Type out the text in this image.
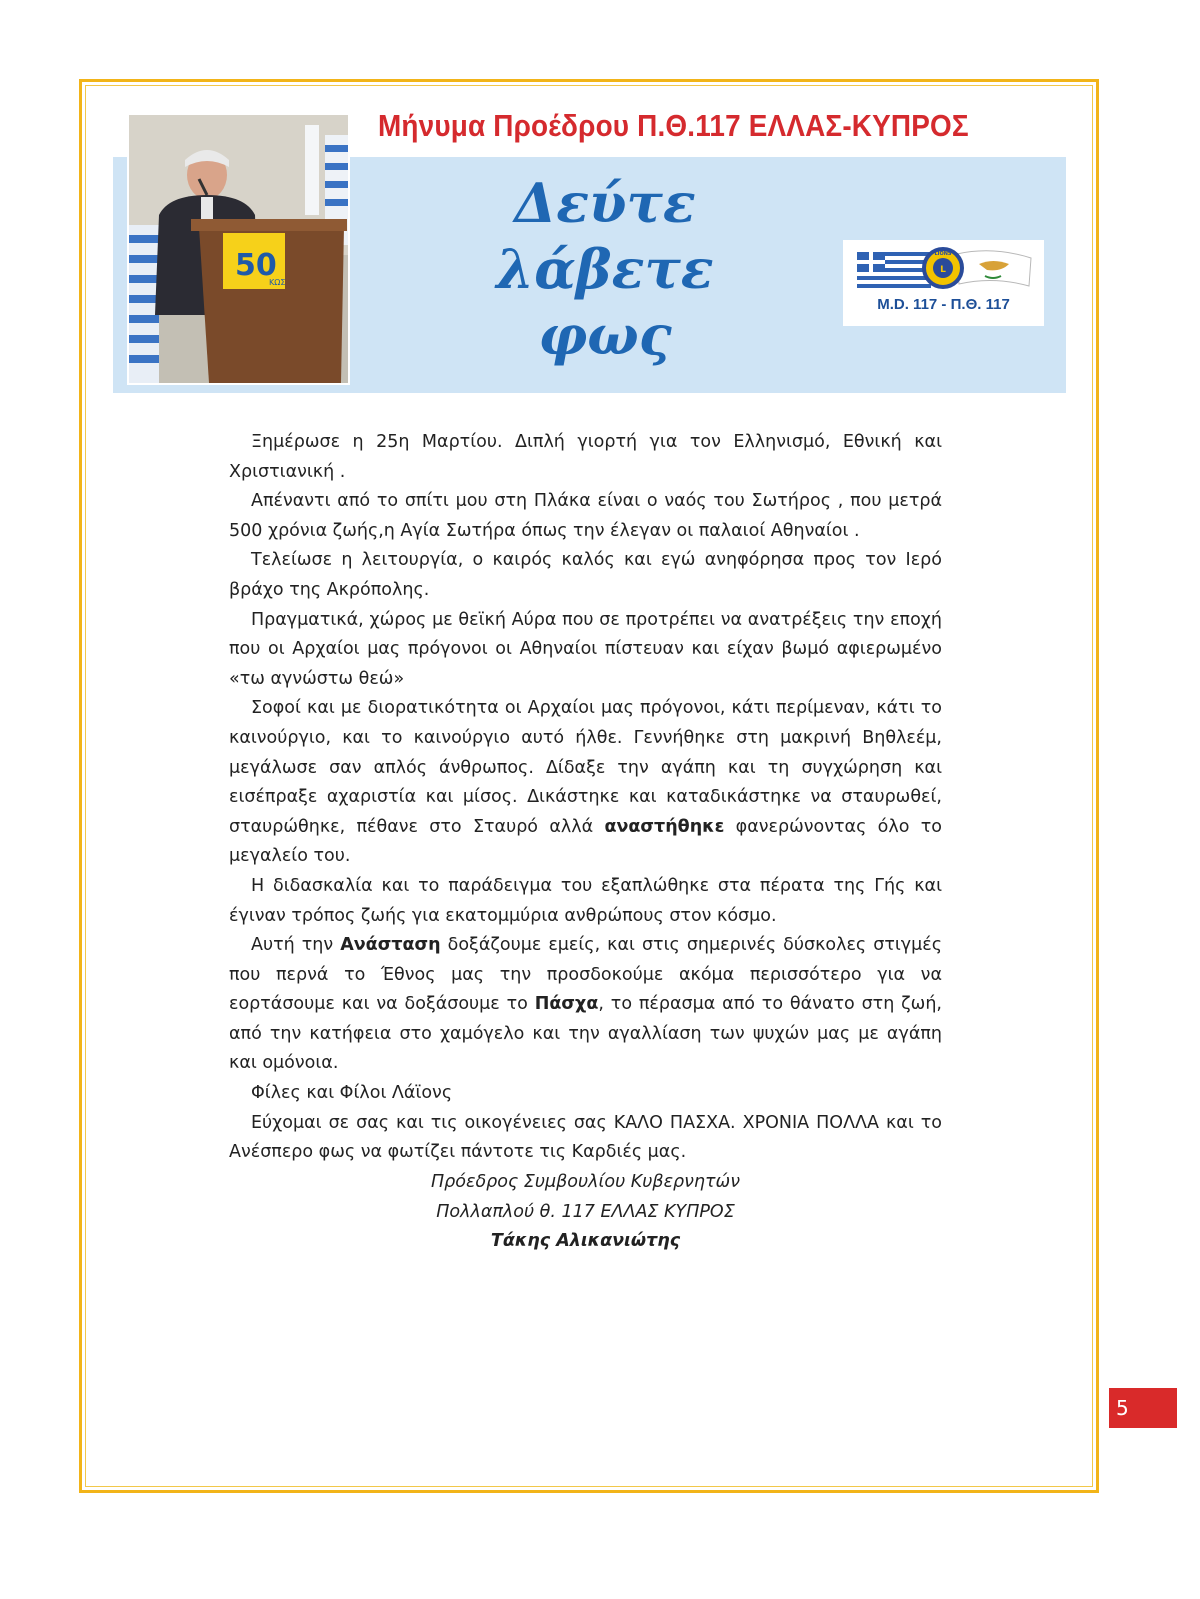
Μήνυμα Προέδρου Π.Θ.117 ΕΛΛΑΣ-ΚΥΠΡΟΣ
50
ΚΩΣ
Δεύτε
λάβετε
φως
L
LIONS
M.D. 117 - Π.Θ. 117

Ξημέρωσε η 25η Μαρτίου. Διπλή γιορτή για τον Ελληνισμό, Εθνική και Χριστιανική .

Απέναντι από το σπίτι μου στη Πλάκα είναι ο ναός του Σωτήρος , που μετρά 500 χρόνια ζωής,η Αγία Σωτήρα όπως την έλεγαν οι παλαιοί Αθηναίοι .

Τελείωσε η λειτουργία, ο καιρός καλός και εγώ ανηφόρησα προς τον Ιερό βράχο της Ακρόπολης.

Πραγματικά, χώρος με θεϊκή Αύρα που σε προτρέπει να ανατρέξεις την εποχή που οι Αρχαίοι μας πρόγονοι οι Αθηναίοι πίστευαν και είχαν βωμό αφιερωμένο «τω αγνώστω θεώ»

Σοφοί και με διορατικότητα οι Αρχαίοι μας πρόγονοι, κάτι περίμεναν, κάτι το καινούργιο, και το καινούργιο αυτό ήλθε. Γεννήθηκε στη μακρινή Βηθλεέμ, μεγάλωσε σαν απλός άνθρωπος. Δίδαξε την αγάπη και τη συγχώρηση και εισέπραξε αχαριστία και μίσος. Δικάστηκε και καταδικάστηκε να σταυρωθεί, σταυρώθηκε, πέθανε στο Σταυρό αλλά αναστήθηκε φανερώνοντας όλο το μεγαλείο του.

Η διδασκαλία και το παράδειγμα του εξαπλώθηκε στα πέρατα της Γής και έγιναν τρόπος ζωής για εκατομμύρια ανθρώπους στον κόσμο.

Αυτή την Ανάσταση δοξάζουμε εμείς, και στις σημερινές δύσκολες στιγμές που περνά το Έθνος μας την προσδοκούμε ακόμα περισσότερο για να εορτάσουμε και να δοξάσουμε το Πάσχα, το πέρασμα από το θάνατο στη ζωή, από την κατήφεια στο χαμόγελο και την αγαλλίαση των ψυχών μας με αγάπη και ομόνοια.

Φίλες και Φίλοι Λάϊονς

Εύχομαι σε σας και τις οικογένειες σας ΚΑΛΟ ΠΑΣΧΑ. ΧΡΟΝΙΑ ΠΟΛΛΑ και το Ανέσπερο φως να φωτίζει πάντοτε τις Καρδιές μας.

Πρόεδρος Συμβουλίου Κυβερνητών
Πολλαπλού θ. 117 ΕΛΛΑΣ ΚΥΠΡΟΣ
Τάκης Αλικανιώτης
5
